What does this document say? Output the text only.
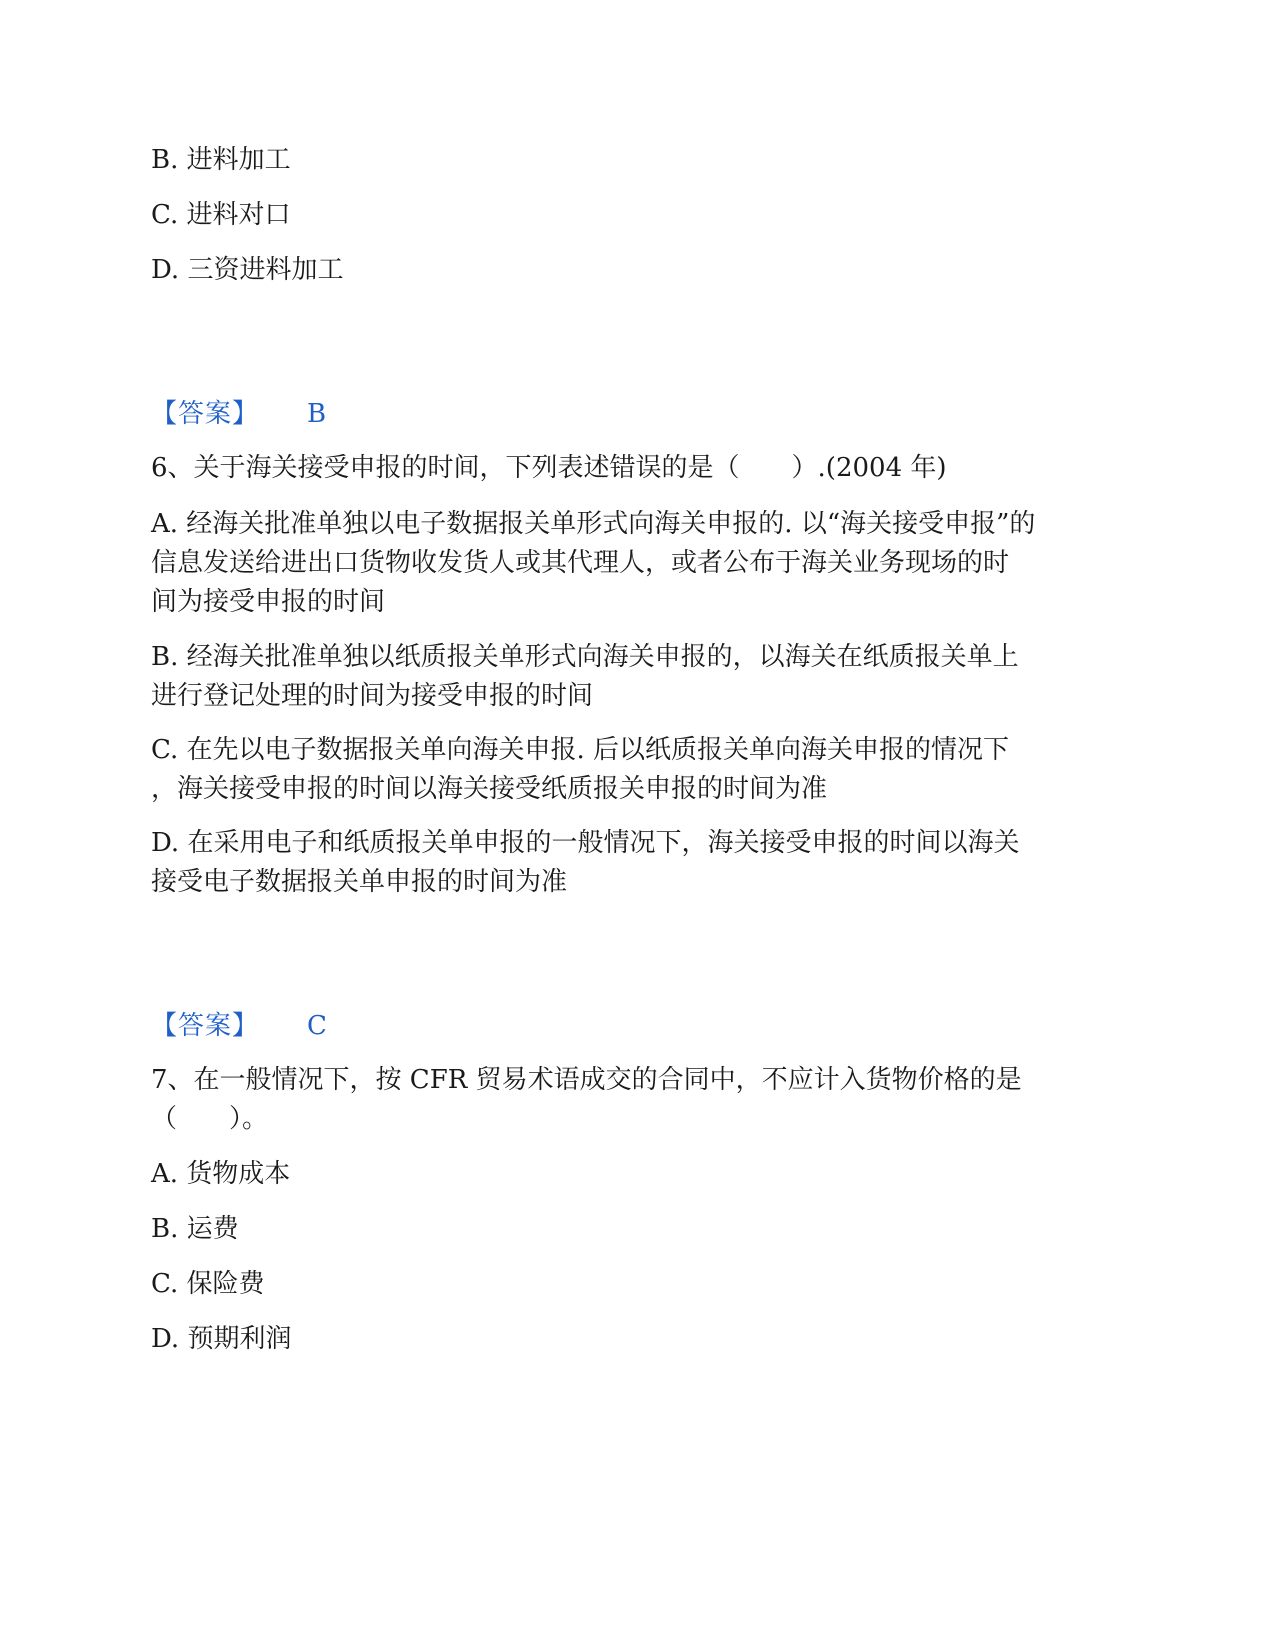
B. 进料加工
C. 进料对口
D. 三资进料加工
【答案】 B
6、关于海关接受申报的时间，下列表述错误的是（　　）.(2004 年)
A. 经海关批准单独以电子数据报关单形式向海关申报的. 以“海关接受申报”的
信息发送给进出口货物收发货人或其代理人，或者公布于海关业务现场的时
间为接受申报的时间
B. 经海关批准单独以纸质报关单形式向海关申报的，以海关在纸质报关单上
进行登记处理的时间为接受申报的时间
C. 在先以电子数据报关单向海关申报. 后以纸质报关单向海关申报的情况下
，海关接受申报的时间以海关接受纸质报关申报的时间为准
D. 在采用电子和纸质报关单申报的一般情况下，海关接受申报的时间以海关
接受电子数据报关单申报的时间为准
【答案】 C
7、在一般情况下，按 CFR 贸易术语成交的合同中，不应计入货物价格的是
（　　）。
A. 货物成本
B. 运费
C. 保险费
D. 预期利润
